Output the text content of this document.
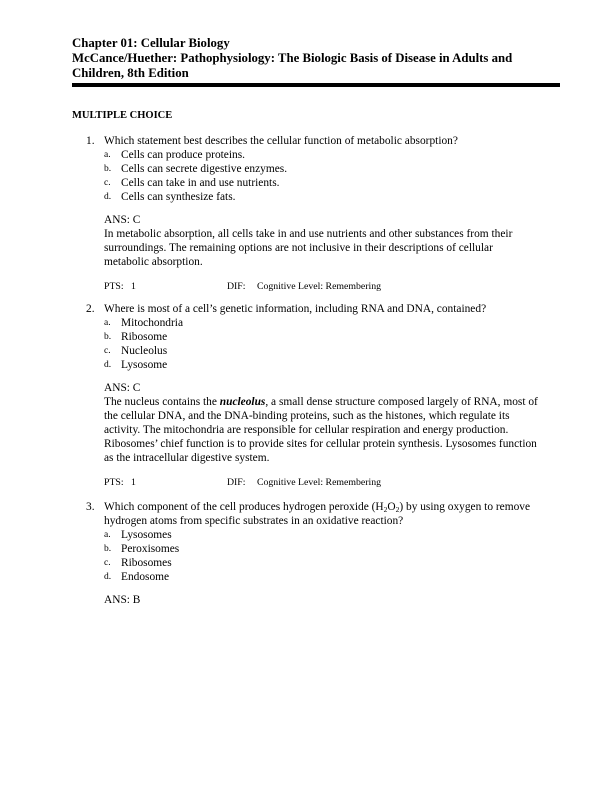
Chapter 01: Cellular Biology
McCance/Huether: Pathophysiology: The Biologic Basis of Disease in Adults and
Children, 8th Edition
MULTIPLE CHOICE
1. Which statement best describes the cellular function of metabolic absorption?
a. Cells can produce proteins.
b. Cells can secrete digestive enzymes.
c. Cells can take in and use nutrients.
d. Cells can synthesize fats.
ANS: C
In metabolic absorption, all cells take in and use nutrients and other substances from their surroundings. The remaining options are not inclusive in their descriptions of cellular metabolic absorption.
PTS: 1	DIF: Cognitive Level: Remembering
2. Where is most of a cell’s genetic information, including RNA and DNA, contained?
a. Mitochondria
b. Ribosome
c. Nucleolus
d. Lysosome
ANS: C
The nucleus contains the nucleolus, a small dense structure composed largely of RNA, most of the cellular DNA, and the DNA-binding proteins, such as the histones, which regulate its activity. The mitochondria are responsible for cellular respiration and energy production. Ribosomes’ chief function is to provide sites for cellular protein synthesis. Lysosomes function as the intracellular digestive system.
PTS: 1	DIF: Cognitive Level: Remembering
3. Which component of the cell produces hydrogen peroxide $(H_2O_2)$ by using oxygen to remove hydrogen atoms from specific substrates in an oxidative reaction?
a. Lysosomes
b. Peroxisomes
c. Ribosomes
d. Endosome
ANS: B
